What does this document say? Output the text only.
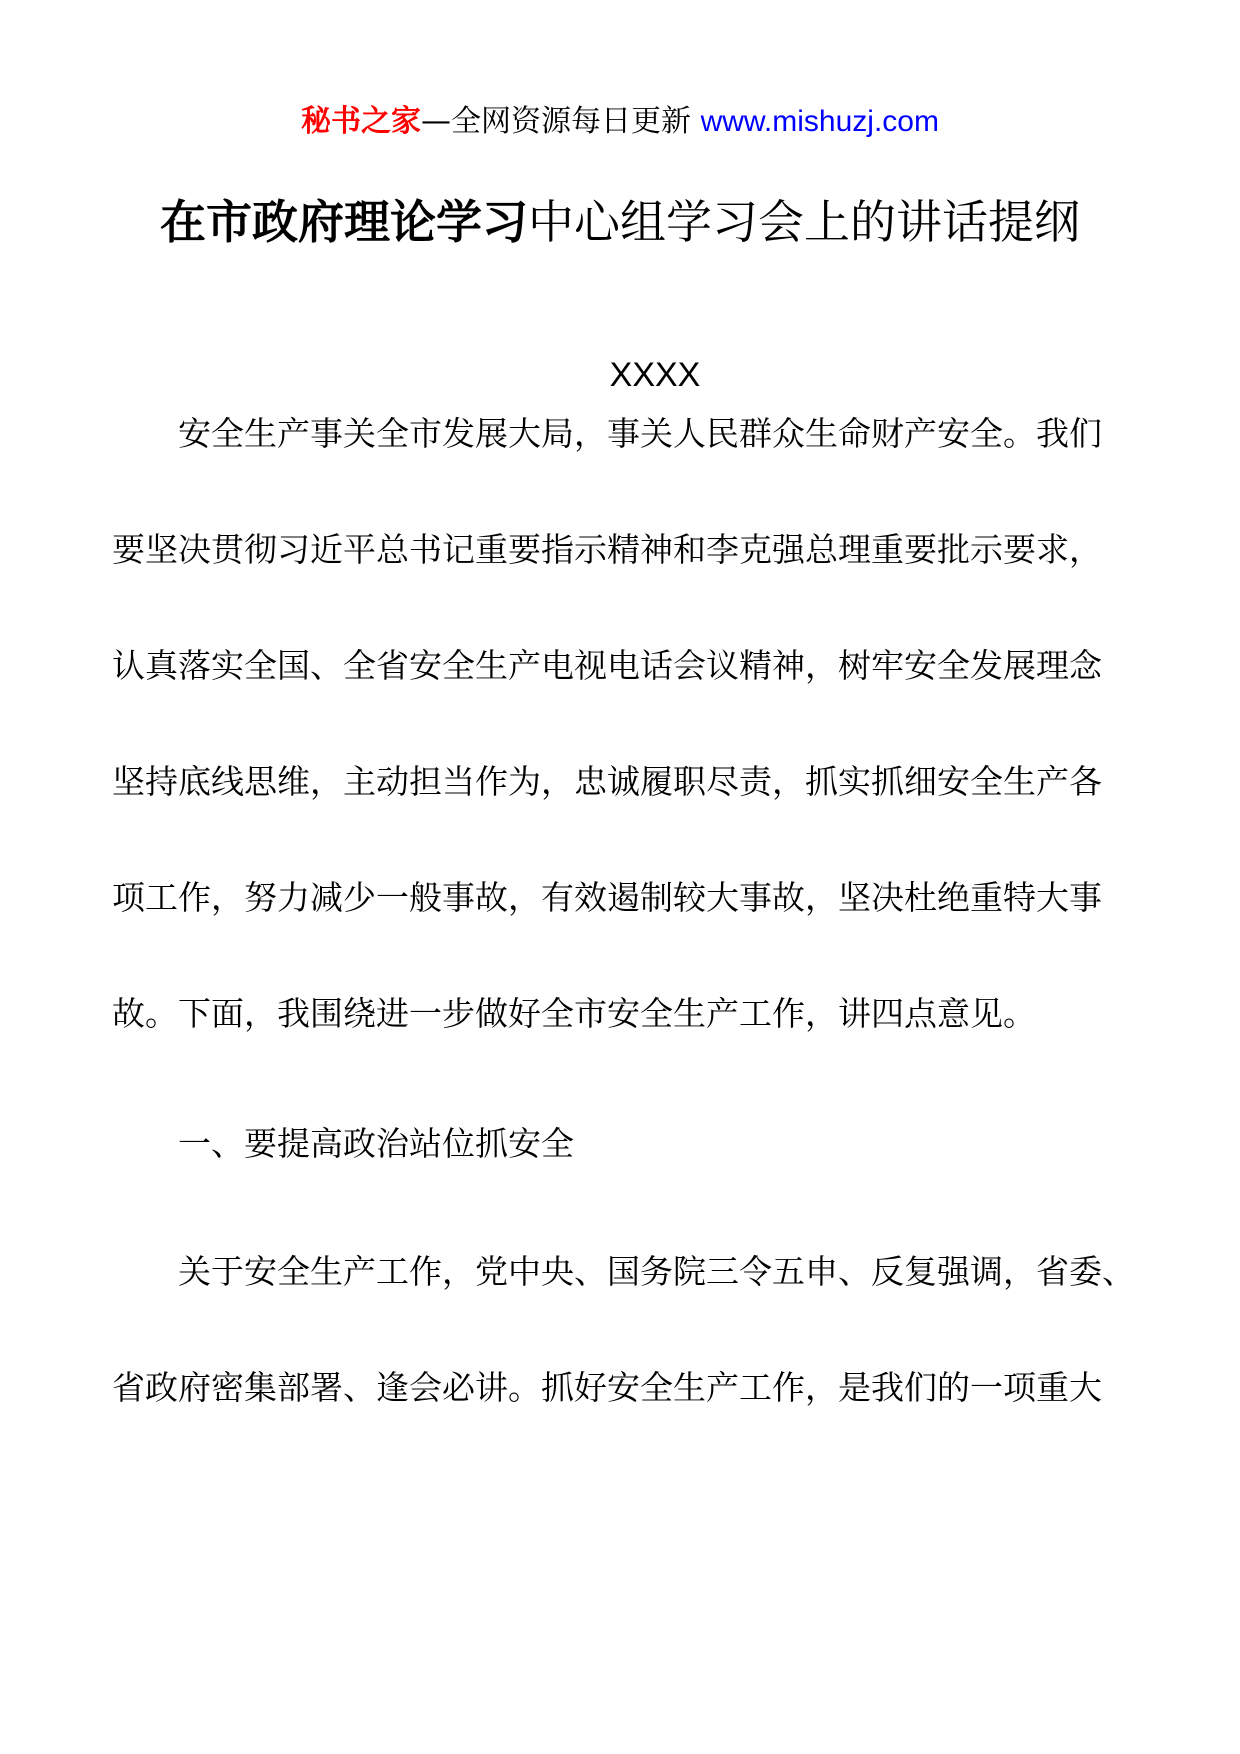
秘书之家—全网资源每日更新 www.mishuzj.com
在市政府理论学习中心组学习会上的讲话提纲
XXXX
安全生产事关全市发展大局，事关人民群众生命财产安全。我们
要坚决贯彻习近平总书记重要指示精神和李克强总理重要批示要求，
认真落实全国、全省安全生产电视电话会议精神，树牢安全发展理念
坚持底线思维，主动担当作为，忠诚履职尽责，抓实抓细安全生产各
项工作，努力减少一般事故，有效遏制较大事故，坚决杜绝重特大事
故。下面，我围绕进一步做好全市安全生产工作，讲四点意见。
一、要提高政治站位抓安全
关于安全生产工作，党中央、国务院三令五申、反复强调，省委、
省政府密集部署、逢会必讲。抓好安全生产工作，是我们的一项重大
